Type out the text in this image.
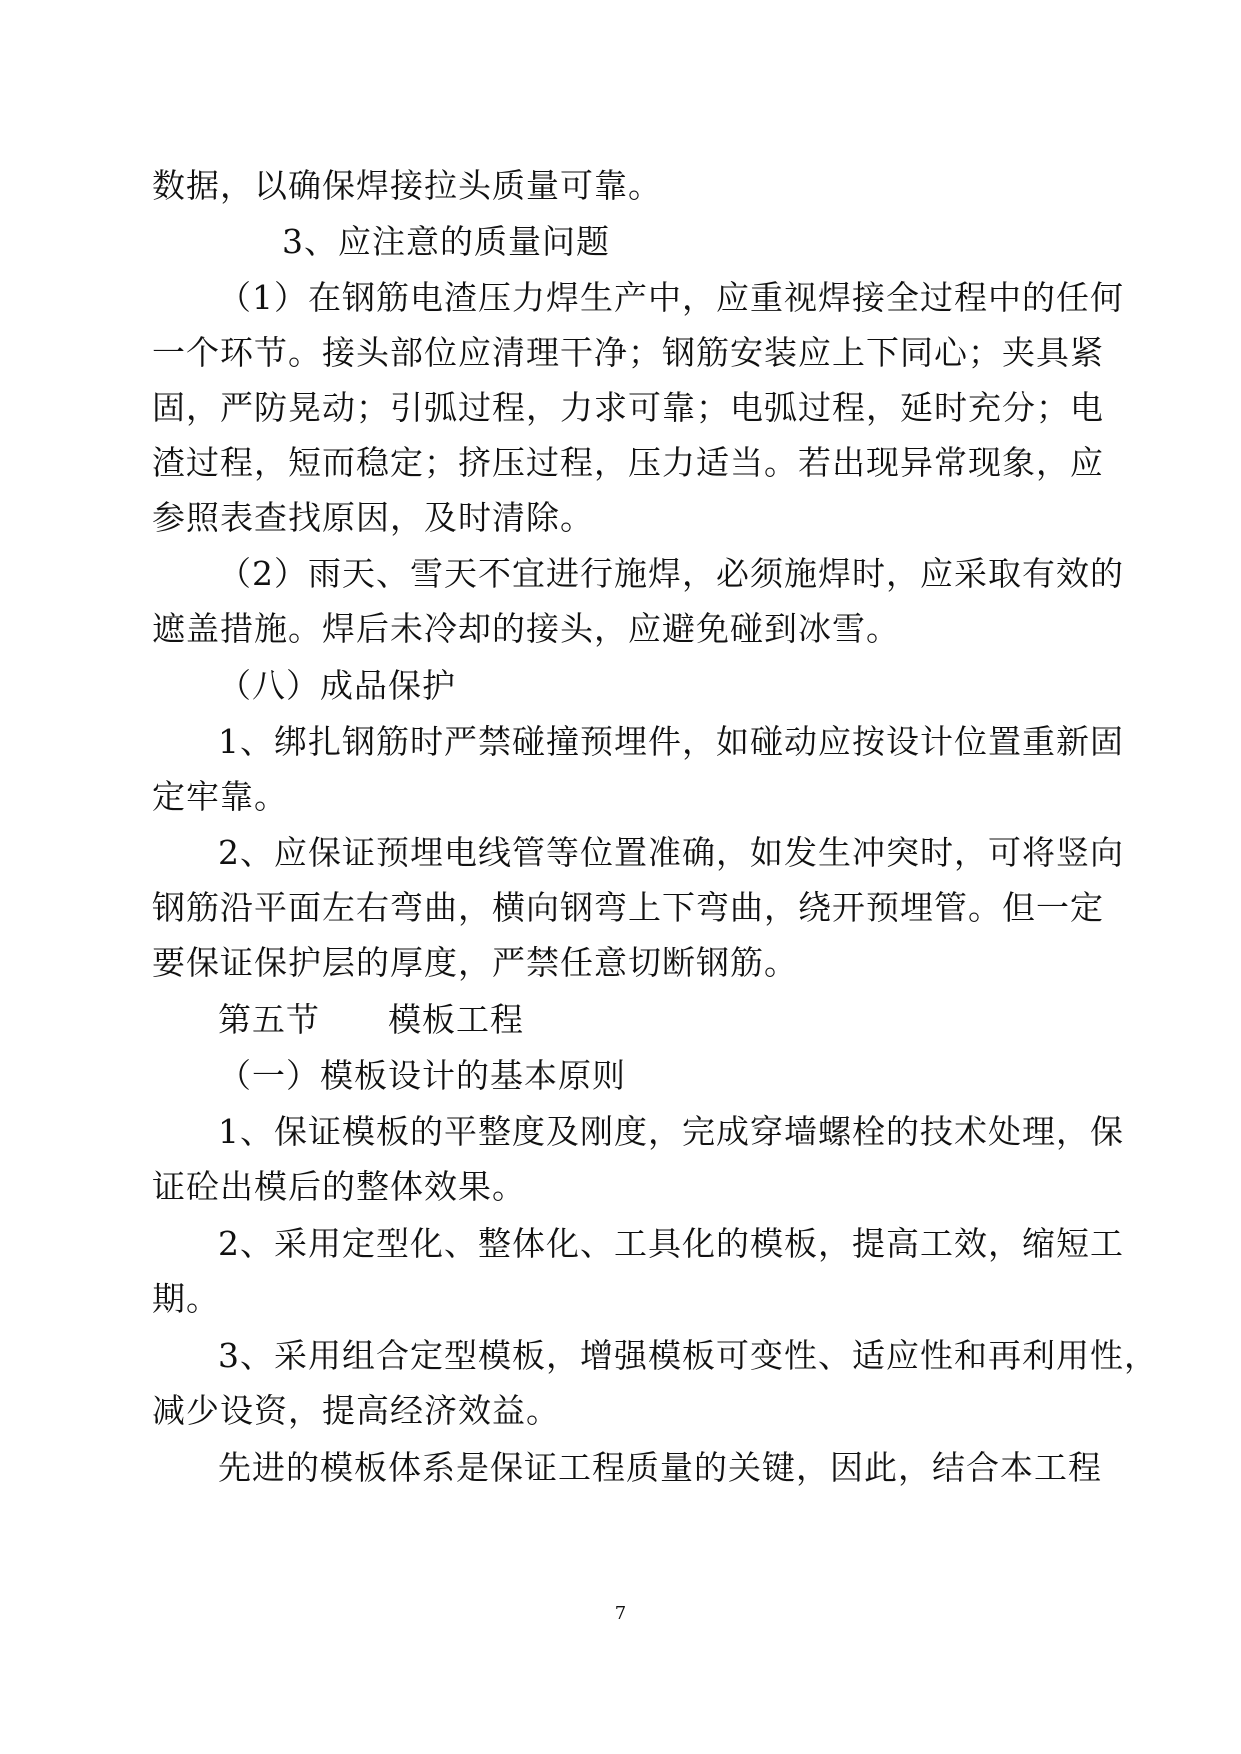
数据，以确保焊接拉头质量可靠。
3、应注意的质量问题
（1）在钢筋电渣压力焊生产中，应重视焊接全过程中的任何
一个环节。接头部位应清理干净；钢筋安装应上下同心；夹具紧
固，严防晃动；引弧过程，力求可靠；电弧过程，延时充分；电
渣过程，短而稳定；挤压过程，压力适当。若出现异常现象，应
参照表查找原因，及时清除。
（2）雨天、雪天不宜进行施焊，必须施焊时，应采取有效的
遮盖措施。焊后未冷却的接头，应避免碰到冰雪。
（八）成品保护
1、绑扎钢筋时严禁碰撞预埋件，如碰动应按设计位置重新固
定牢靠。
2、应保证预埋电线管等位置准确，如发生冲突时，可将竖向
钢筋沿平面左右弯曲，横向钢弯上下弯曲，绕开预埋管。但一定
要保证保护层的厚度，严禁任意切断钢筋。
第五节　　模板工程
（一）模板设计的基本原则
1、保证模板的平整度及刚度，完成穿墙螺栓的技术处理，保
证砼出模后的整体效果。
2、采用定型化、整体化、工具化的模板，提高工效，缩短工
期。
3、采用组合定型模板，增强模板可变性、适应性和再利用性，
减少设资，提高经济效益。
先进的模板体系是保证工程质量的关键，因此，结合本工程
7
